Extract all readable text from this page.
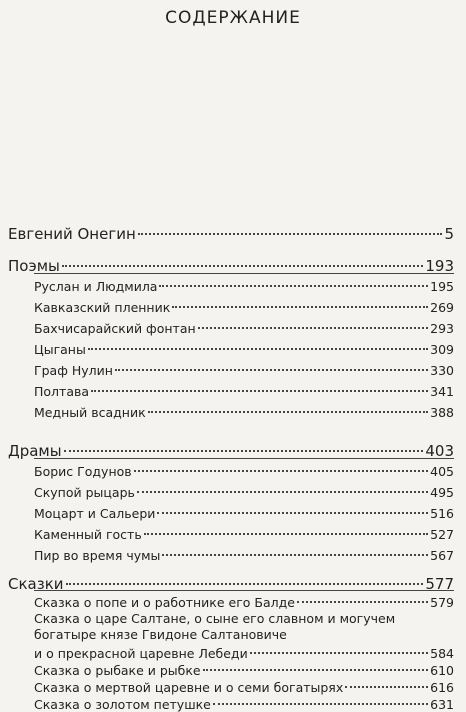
СОДЕРЖАНИЕ
Евгений Онегин	5
Поэмы	193
Руслан и Людмила	195
Кавказский пленник	269
Бахчисарайский фонтан	293
Цыганы	309
Граф Нулин	330
Полтава	341
Медный всадник	388
Драмы	403
Борис Годунов	405
Скупой рыцарь	495
Моцарт и Сальери	516
Каменный гость	527
Пир во время чумы	567
Сказки	577
Сказка о попе и о работнике его Балде	579
Сказка о царе Салтане, о сыне его славном и могучем
богатыре князе Гвидоне Салтановиче
и о прекрасной царевне Лебеди	584
Сказка о рыбаке и рыбке	610
Сказка о мертвой царевне и о семи богатырях	616
Сказка о золотом петушке	631
